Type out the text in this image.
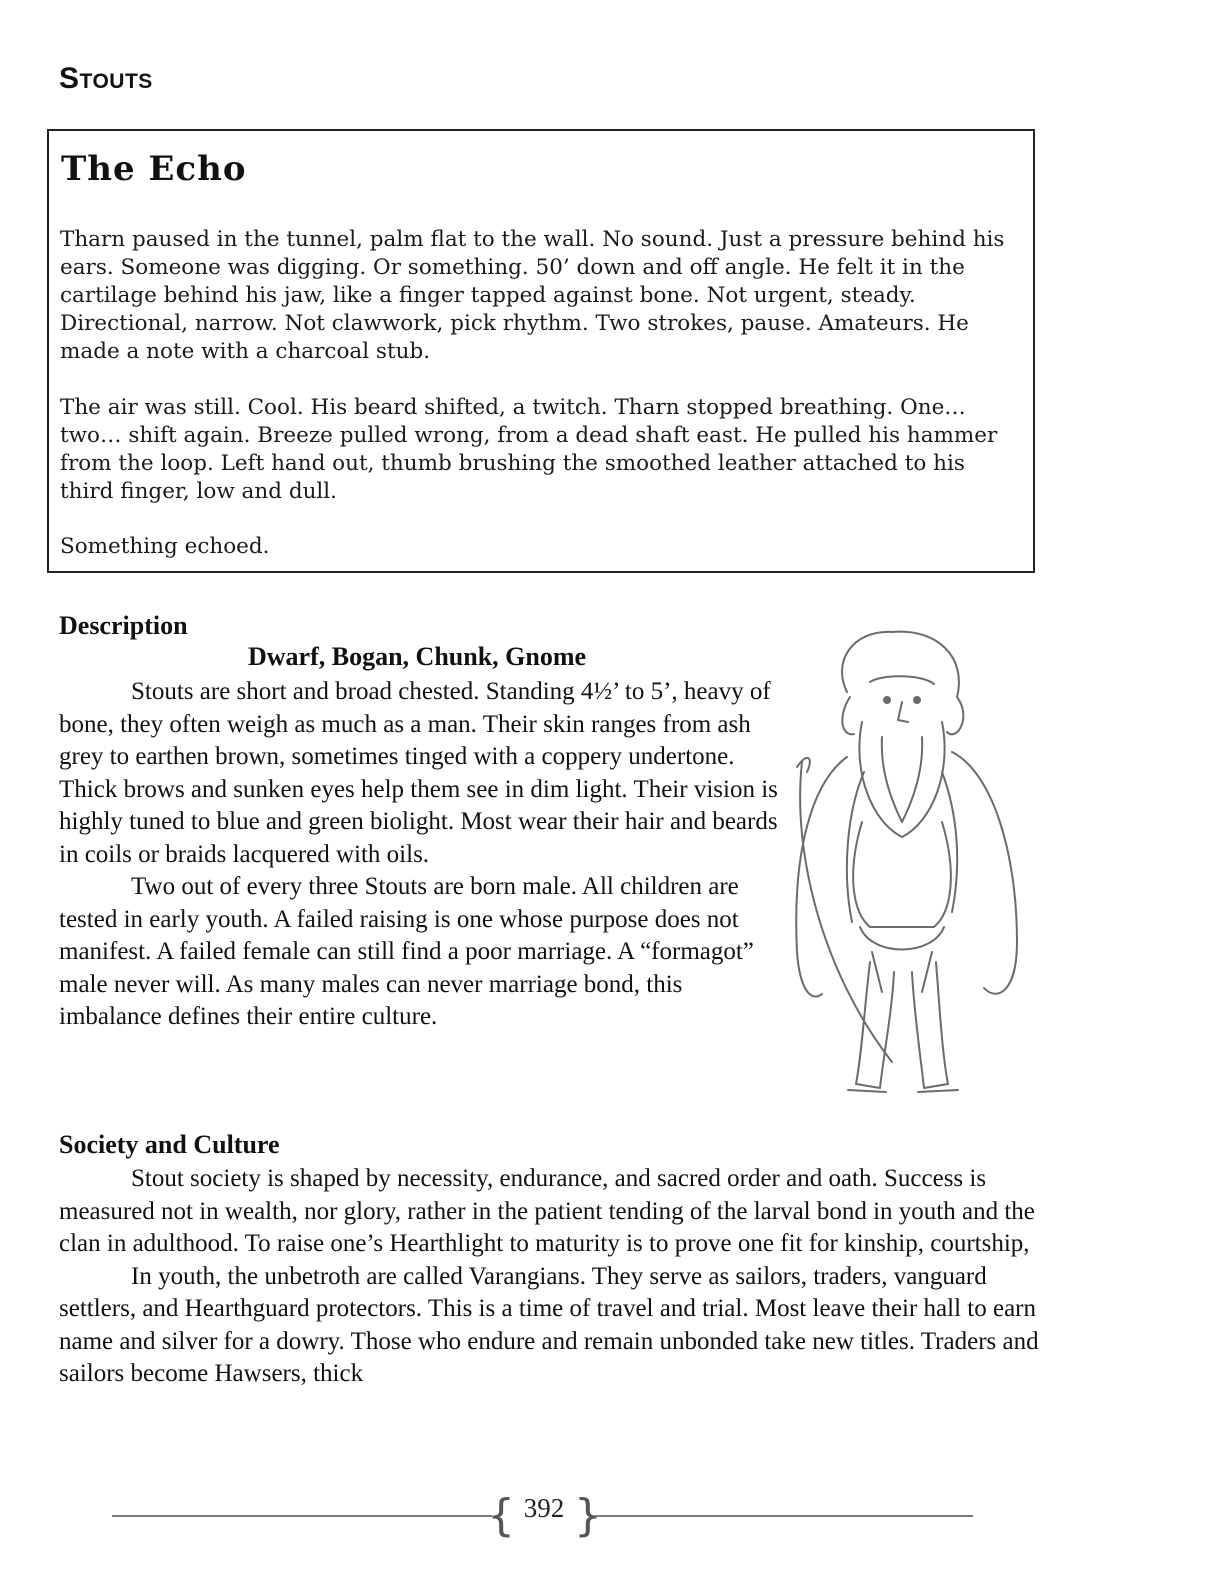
Stouts
The Echo

Tharn paused in the tunnel, palm flat to the wall. No sound. Just a pressure behind his ears. Someone was digging. Or something. 50’ down and off angle. He felt it in the cartilage behind his jaw, like a finger tapped against bone. Not urgent, steady. Directional, narrow. Not clawwork, pick rhythm. Two strokes, pause. Amateurs. He made a note with a charcoal stub.

The air was still. Cool. His beard shifted, a twitch. Tharn stopped breathing. One… two… shift again. Breeze pulled wrong, from a dead shaft east. He pulled his hammer from the loop. Left hand out, thumb brushing the smoothed leather attached to his third finger, low and dull.

Something echoed.

Description
Dwarf, Bogan, Chunk, Gnome

Stouts are short and broad chested. Standing 4½’ to 5’, heavy of bone, they often weigh as much as a man. Their skin ranges from ash grey to earthen brown, sometimes tinged with a coppery undertone. Thick brows and sunken eyes help them see in dim light. Their vision is highly tuned to blue and green biolight. Most wear their hair and beards in coils or braids lacquered with oils.

Two out of every three Stouts are born male. All children are tested in early youth. A failed raising is one whose purpose does not manifest. A failed female can still find a poor marriage. A “formagot” male never will. As many males can never marriage bond, this imbalance defines their entire culture.

Society and Culture

Stout society is shaped by necessity, endurance, and sacred order and oath. Success is measured not in wealth, nor glory, rather in the patient tending of the larval bond in youth and the clan in adulthood. To raise one’s Hearthlight to maturity is to prove one fit for kinship, courtship,

In youth, the unbetroth are called Varangians. They serve as sailors, traders, vanguard settlers, and Hearthguard protectors. This is a time of travel and trial. Most leave their hall to earn name and silver for a dowry. Those who endure and remain unbonded take new titles. Traders and sailors become Hawsers, thick

{ }
392
